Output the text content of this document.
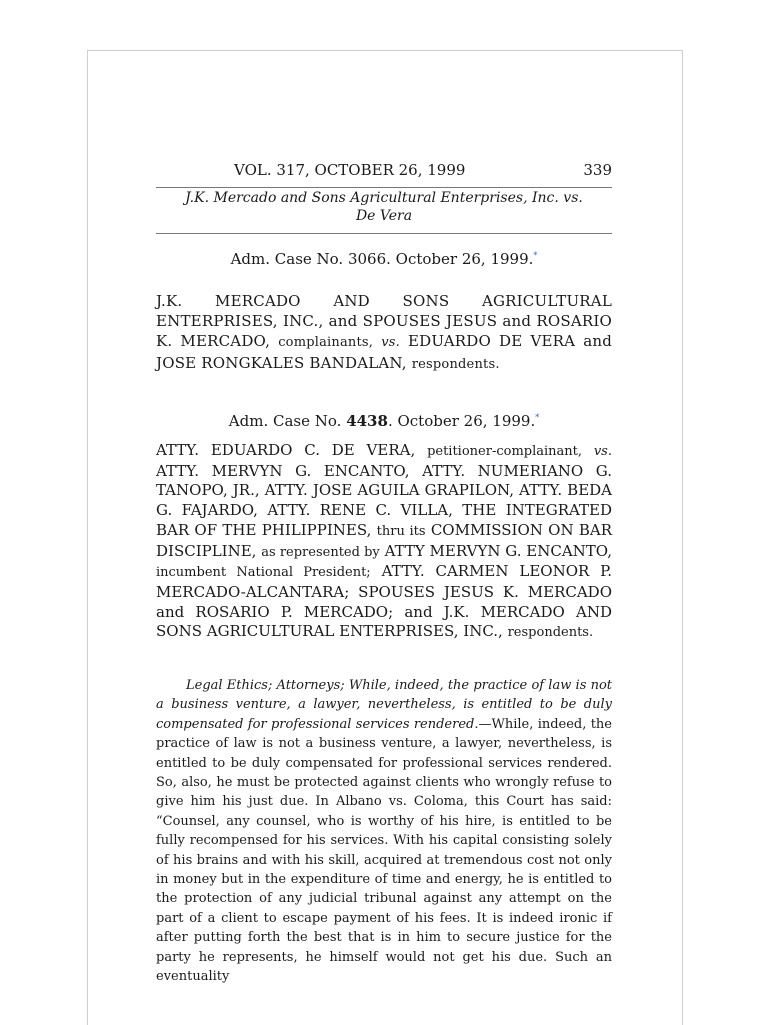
VOL. 317, OCTOBER 26, 1999	339
J.K. Mercado and Sons Agricultural Enterprises, Inc. vs.
De Vera
Adm. Case No. 3066. October 26, 1999.*
J.K. MERCADO AND SONS AGRICULTURAL ENTERPRISES, INC., and SPOUSES JESUS and ROSARIO K. MERCADO, complainants, vs. EDUARDO DE VERA and JOSE RONGKALES BANDALAN, respondents.
Adm. Case No. 4438. October 26, 1999.*
ATTY. EDUARDO C. DE VERA, petitioner-complainant, vs. ATTY. MERVYN G. ENCANTO, ATTY. NUMERIANO G. TANOPO, JR., ATTY. JOSE AGUILA GRAPILON, ATTY. BEDA G. FAJARDO, ATTY. RENE C. VILLA, THE INTEGRATED BAR OF THE PHILIPPINES, thru its COMMISSION ON BAR DISCIPLINE, as represented by ATTY MERVYN G. ENCANTO, incumbent National President; ATTY. CARMEN LEONOR P. MERCADO-ALCANTARA; SPOUSES JESUS K. MERCADO and ROSARIO P. MERCADO; and J.K. MERCADO AND SONS AGRICULTURAL ENTERPRISES, INC., respondents.

Legal Ethics; Attorneys; While, indeed, the practice of law is not a business venture, a lawyer, nevertheless, is entitled to be duly compensated for professional services rendered.—While, indeed, the practice of law is not a business venture, a lawyer, nevertheless, is entitled to be duly compensated for professional services rendered. So, also, he must be protected against clients who wrongly refuse to give him his just due. In Albano vs. Coloma, this Court has said: “Counsel, any counsel, who is worthy of his hire, is entitled to be fully recompensed for his services. With his capital consisting solely of his brains and with his skill, acquired at tremendous cost not only in money but in the expenditure of time and energy, he is entitled to the protection of any judicial tribunal against any attempt on the part of a client to escape payment of his fees. It is indeed ironic if after putting forth the best that is in him to secure justice for the party he represents, he himself would not get his due. Such an eventuality
